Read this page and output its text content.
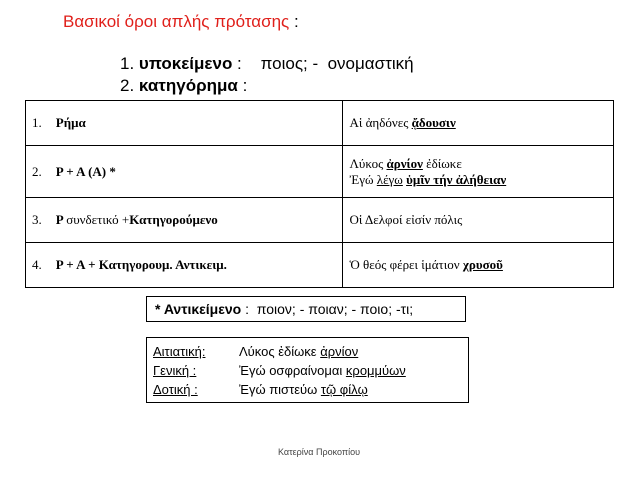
Βασικοί όροι απλής πρότασης :
1. υποκείμενο :    ποιος; -  ονομαστική
2. κατηγόρημα :
1. Ρήμα	Αἱ ἀηδόνες ᾄδουσιν
2. Ρ + Α (Α) *	Λύκος ἀρνίον ἐδίωκε
Ἐγώ λέγω ὑμῖν τήν ἀλήθειαν

3. Ρ συνδετικό +Κατηγορούμενο	Οἱ Δελφοί εἰσίν πόλις
4. Ρ + Α + Κατηγορουμ. Αντικειμ.	Ὁ θεός φέρει ἱμάτιον χρυσοῦ
* Αντικείμενο :  ποιον; - ποιαν; - ποιο; -τι;
Αιτιατική:	Λύκος ἐδίωκε ἀρνίον
Γενική :	Ἐγώ οσφραίνομαι κρομμύων
Δοτική :	Ἐγώ πιστεύω τῷ φίλῳ
Κατερίνα Προκοπίου
